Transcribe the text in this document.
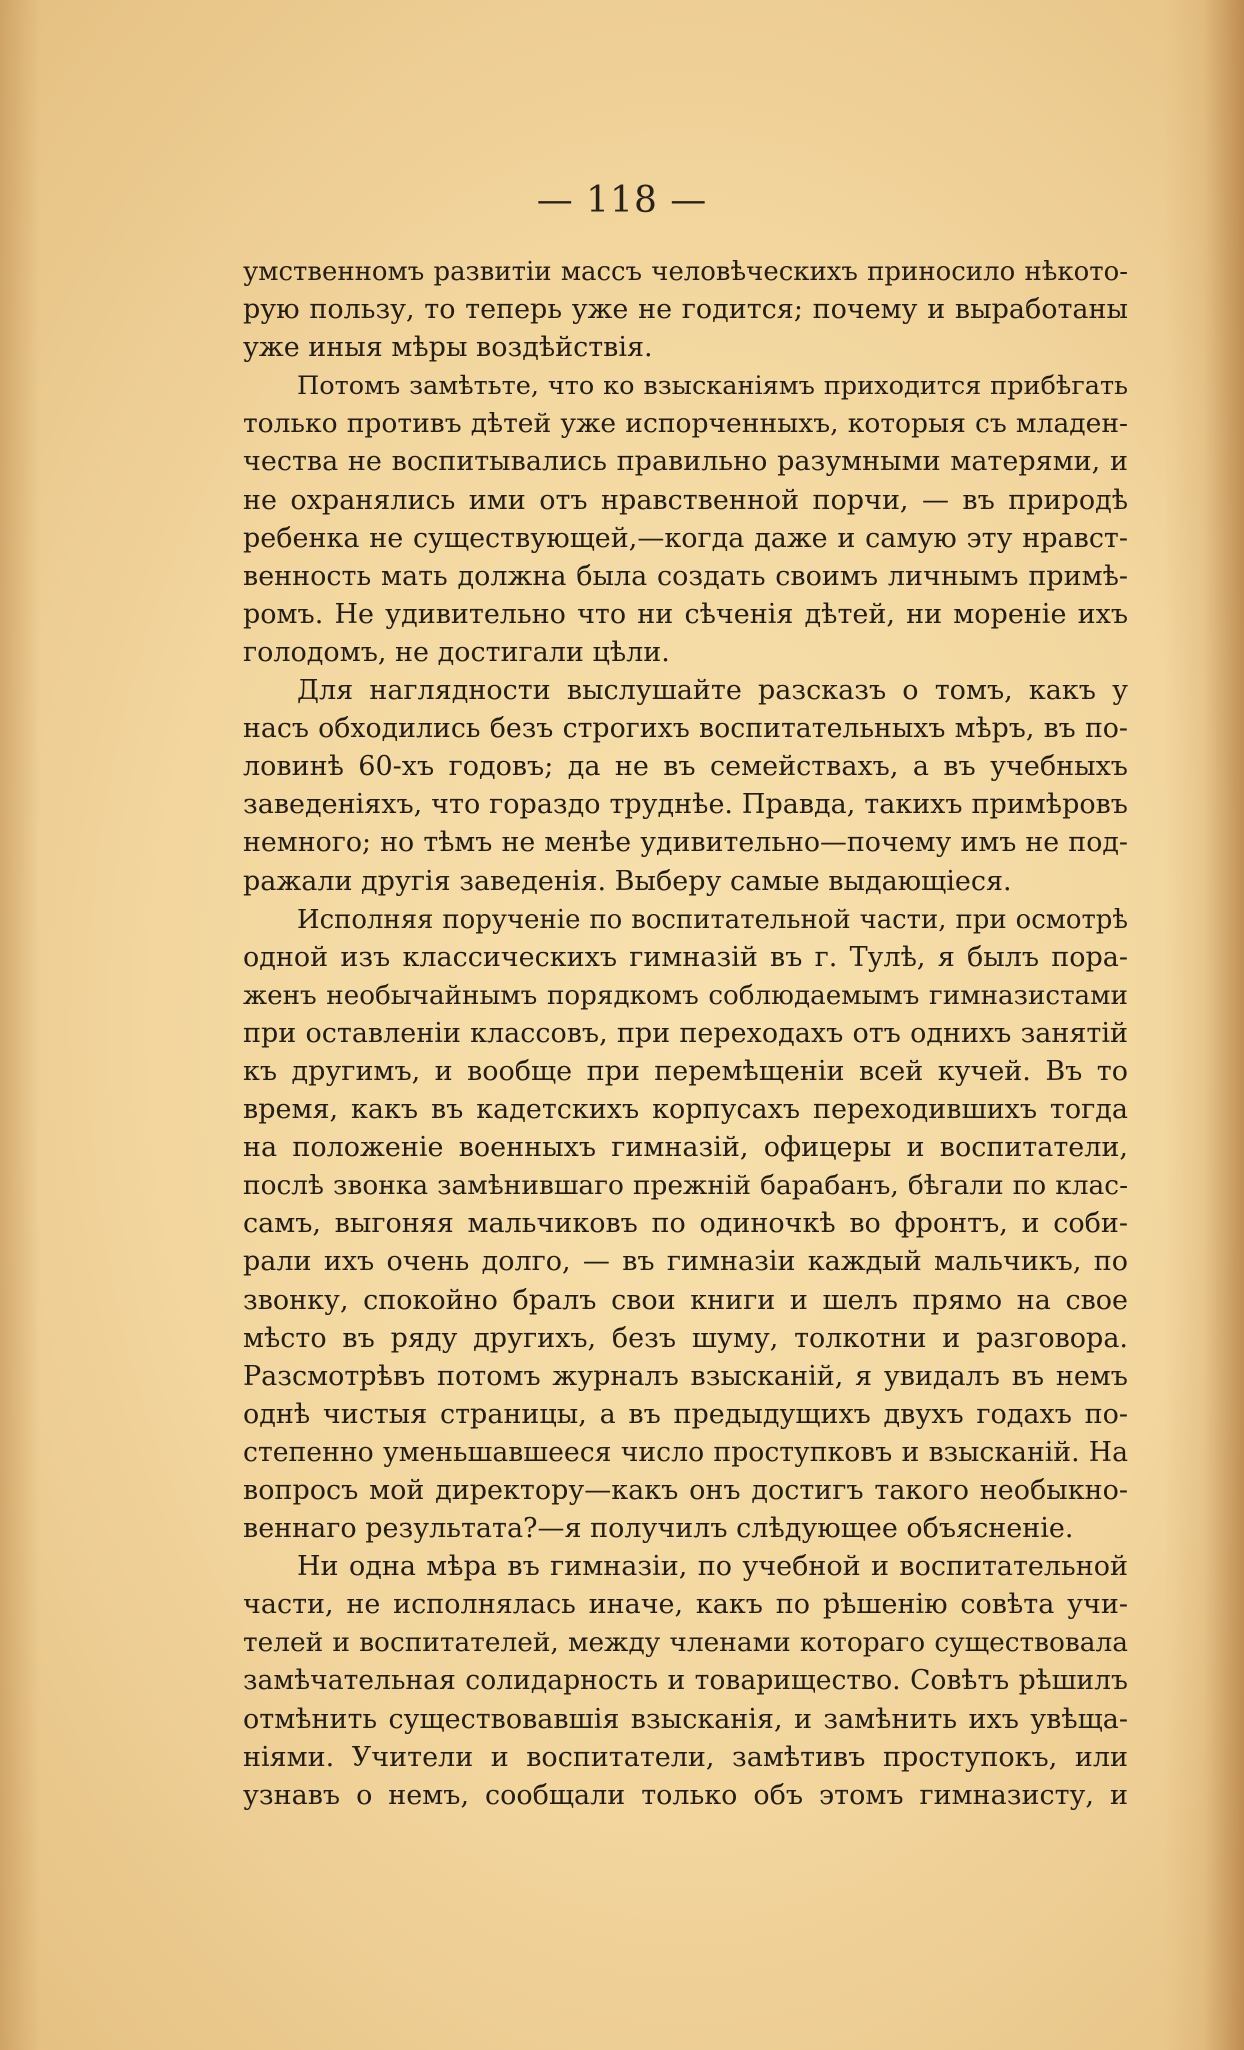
— 118 —
умственномъ развитіи массъ человѣческихъ приносило нѣкото-
рую пользу, то теперь уже не годится; почему и выработаны
уже иныя мѣры воздѣйствія.
Потомъ замѣтьте, что ко взысканіямъ приходится прибѣгать
только противъ дѣтей уже испорченныхъ, которыя съ младен-
чества не воспитывались правильно разумными матерями, и
не охранялись ими отъ нравственной порчи, — въ природѣ
ребенка не существующей,—когда даже и самую эту нравст-
венность мать должна была создать своимъ личнымъ примѣ-
ромъ. Не удивительно что ни сѣченія дѣтей, ни мореніе ихъ
голодомъ, не достигали цѣли.
Для наглядности выслушайте разсказъ о томъ, какъ у
насъ обходились безъ строгихъ воспитательныхъ мѣръ, въ по-
ловинѣ 60-хъ годовъ; да не въ семействахъ, а въ учебныхъ
заведеніяхъ, что гораздо труднѣе. Правда, такихъ примѣровъ
немного; но тѣмъ не менѣе удивительно—почему имъ не под-
ражали другія заведенія. Выберу самые выдающіеся.
Исполняя порученіе по воспитательной части, при осмотрѣ
одной изъ классическихъ гимназій въ г. Тулѣ, я былъ пора-
женъ необычайнымъ порядкомъ соблюдаемымъ гимназистами
при оставленіи классовъ, при переходахъ отъ однихъ занятій
къ другимъ, и вообще при перемѣщеніи всей кучей. Въ то
время, какъ въ кадетскихъ корпусахъ переходившихъ тогда
на положеніе военныхъ гимназій, офицеры и воспитатели,
послѣ звонка замѣнившаго прежній барабанъ, бѣгали по клас-
самъ, выгоняя мальчиковъ по одиночкѣ во фронтъ, и соби-
рали ихъ очень долго, — въ гимназіи каждый мальчикъ, по
звонку, спокойно бралъ свои книги и шелъ прямо на свое
мѣсто въ ряду другихъ, безъ шуму, толкотни и разговора.
Разсмотрѣвъ потомъ журналъ взысканій, я увидалъ въ немъ
однѣ чистыя страницы, а въ предыдущихъ двухъ годахъ по-
степенно уменьшавшееся число проступковъ и взысканій. На
вопросъ мой директору—какъ онъ достигъ такого необыкно-
веннаго результата?—я получилъ слѣдующее объясненіе.
Ни одна мѣра въ гимназіи, по учебной и воспитательной
части, не исполнялась иначе, какъ по рѣшенію совѣта учи-
телей и воспитателей, между членами котораго существовала
замѣчательная солидарность и товарищество. Совѣтъ рѣшилъ
отмѣнить существовавшія взысканія, и замѣнить ихъ увѣща-
ніями. Учители и воспитатели, замѣтивъ проступокъ, или
узнавъ о немъ, сообщали только объ этомъ гимназисту, и
